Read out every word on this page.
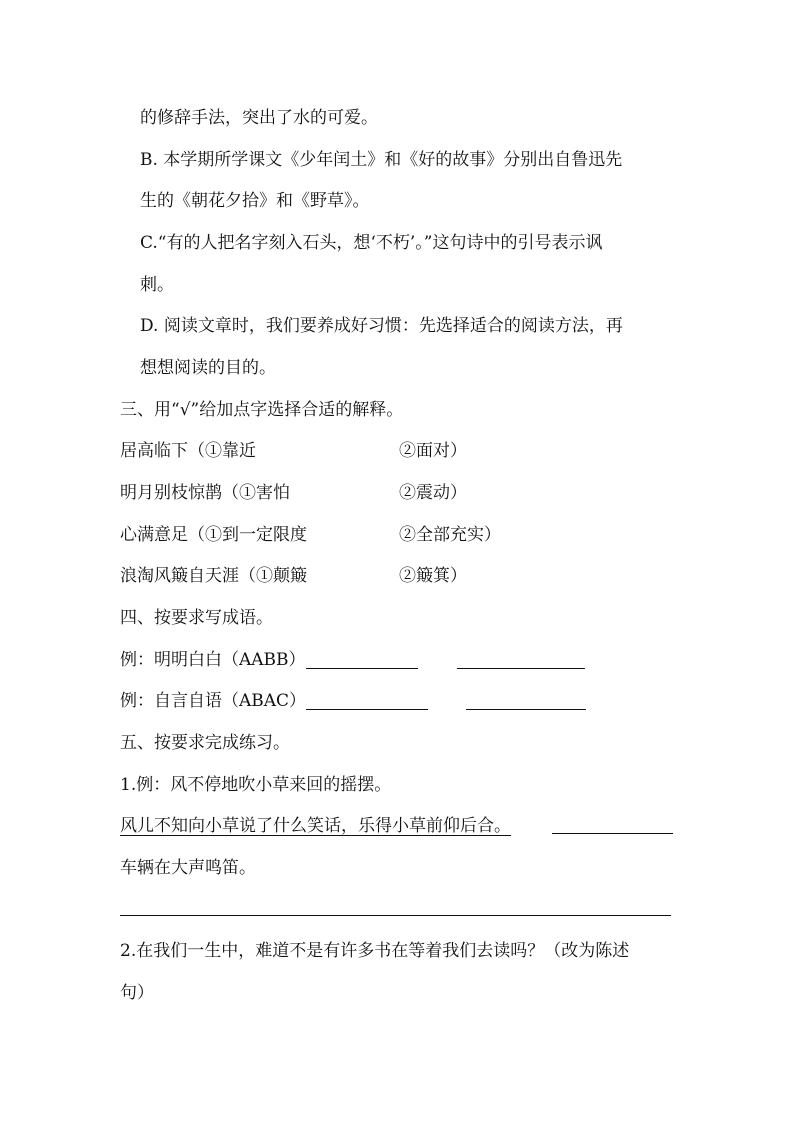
的修辞手法，突出了水的可爱。
B. 本学期所学课文《少年闰土》和《好的故事》分别出自鲁迅先
生的《朝花夕拾》和《野草》。
C.“有的人把名字刻入石头，想‘不朽’。”这句诗中的引号表示讽
刺。
D. 阅读文章时，我们要养成好习惯：先选择适合的阅读方法，再
想想阅读的目的。
三、用“√”给加点字选择合适的解释。
居高临下（①靠近	②面对）
明月别枝惊鹊（①害怕	②震动）
心满意足（①到一定限度	②全部充实）
浪淘风簸自天涯（①颠簸	②簸箕）
四、按要求写成语。
例：明明白白（AABB）
例：自言自语（ABAC）
五、按要求完成练习。
1.例：风不停地吹小草来回的摇摆。
风儿不知向小草说了什么笑话，乐得小草前仰后合。
车辆在大声鸣笛。
2.在我们一生中，难道不是有许多书在等着我们去读吗？（改为陈述
句）
